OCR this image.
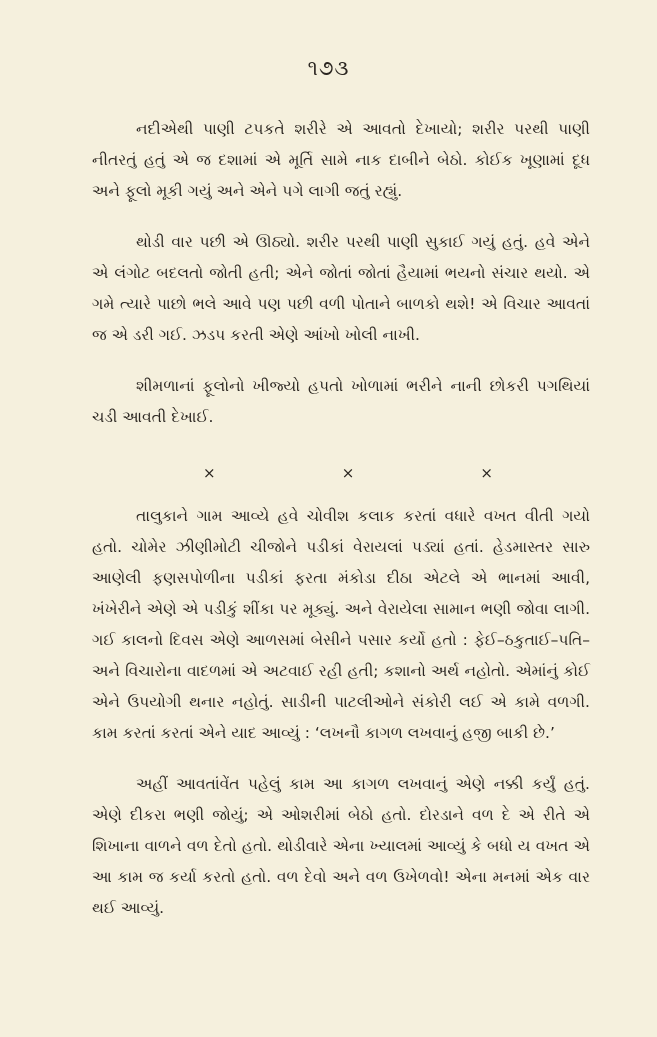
૧૭૩

નદીએથી પાણી ટપકતે શરીરે એ આવતો દેખાયો; શરીર પરથી પાણી નીતરતું હતું એ જ દશામાં એ મૂર્તિ સામે નાક દાબીને બેઠો. કોઈક ખૂણામાં દૂધ અને ફૂલો મૂકી ગયું અને એને પગે લાગી જતું રહ્યું.

થોડી વાર પછી એ ઊઠ્યો. શરીર પરથી પાણી સુકાઈ ગયું હતું. હવે એને એ લંગોટ બદલતો જોતી હતી; એને જોતાં જોતાં હૈયામાં ભયનો સંચાર થયો. એ ગમે ત્યારે પાછો ભલે આવે પણ પછી વળી પોતાને બાળકો થશે! એ વિચાર આવતાં જ એ ડરી ગઈ. ઝડપ કરતી એણે આંખો ખોલી નાખી.

શીમળાનાં ફૂલોનો ખીજ્યો હપતો ખોળામાં ભરીને નાની છોકરી પગથિયાં ચડી આવતી દેખાઈ.

×	×	×

તાલુકાને ગામ આવ્યે હવે ચોવીશ કલાક કરતાં વધારે વખત વીતી ગયો હતો. ચોમેર ઝીણીમોટી ચીજોને પડીકાં વેરાયલાં પડ્યાં હતાં. હેડમાસ્તર સારુ આણેલી ફણસપોળીના પડીકાં ફરતા મંકોડા દીઠા એટલે એ ભાનમાં આવી, ખંખેરીને એણે એ પડીકું શીંકા પર મૂક્યું. અને વેરાયેલા સામાન ભણી જોવા લાગી. ગઈ કાલનો દિવસ એણે આળસમાં બેસીને પસાર કર્યો હતો : ફેઈ–ઠકુતાઈ–પતિ–અને વિચારોના વાદળમાં એ અટવાઈ રહી હતી; કશાનો અર્થ નહોતો. એમાંનું કોઈ એને ઉપયોગી થનાર નહોતું. સાડીની પાટલીઓને સંકોરી લઈ એ કામે વળગી. કામ કરતાં કરતાં એને યાદ આવ્યું : ‘લખનૌ કાગળ લખવાનું હજી બાકી છે.’

અહીં આવતાંવેંત પહેલું કામ આ કાગળ લખવાનું એણે નક્કી કર્યું હતું. એણે દીકરા ભણી જોયું; એ ઓશરીમાં બેઠો હતો. દોરડાને વળ દે એ રીતે એ શિખાના વાળને વળ દેતો હતો. થોડીવારે એના ખ્યાલમાં આવ્યું કે બધો ય વખત એ આ કામ જ કર્યા કરતો હતો. વળ દેવો અને વળ ઉખેળવો! એના મનમાં એક વાર થઈ આવ્યું.
